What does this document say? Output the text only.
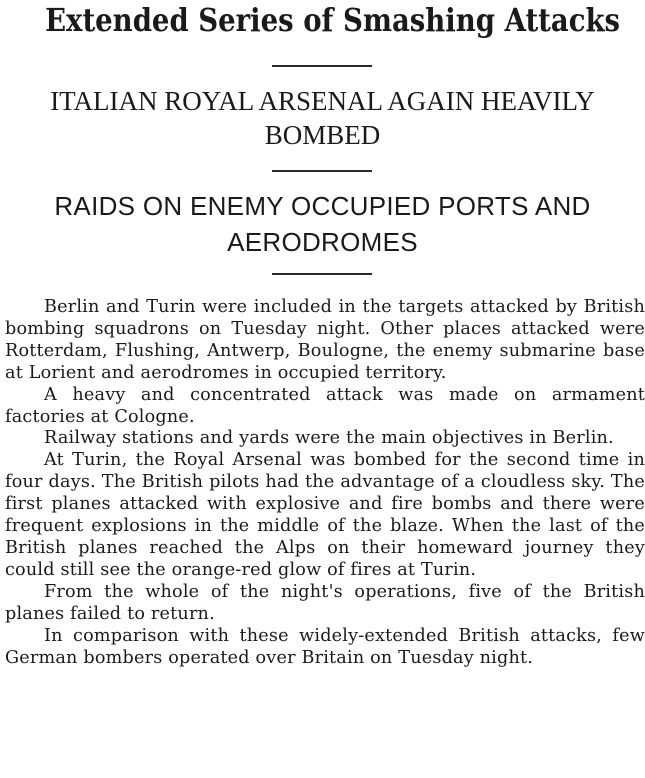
Extended Series of Smashing Attacks
ITALIAN ROYAL ARSENAL AGAIN HEAVILY BOMBED
RAIDS ON ENEMY OCCUPIED PORTS AND AERODROMES

Berlin and Turin were included in the targets attacked by British bombing squadrons on Tuesday night. Other places attacked were Rotterdam, Flushing, Antwerp, Boulogne, the enemy submarine base at Lorient and aerodromes in occupied territory.

A heavy and concentrated attack was made on armament factories at Cologne.

Railway stations and yards were the main objectives in Berlin.

At Turin, the Royal Arsenal was bombed for the second time in four days. The British pilots had the advantage of a cloudless sky. The first planes attacked with explosive and fire bombs and there were frequent explosions in the middle of the blaze. When the last of the British planes reached the Alps on their homeward journey they could still see the orange-red glow of fires at Turin.

From the whole of the night's operations, five of the British planes failed to return.

In comparison with these widely-extended British attacks, few German bombers operated over Britain on Tuesday night.
